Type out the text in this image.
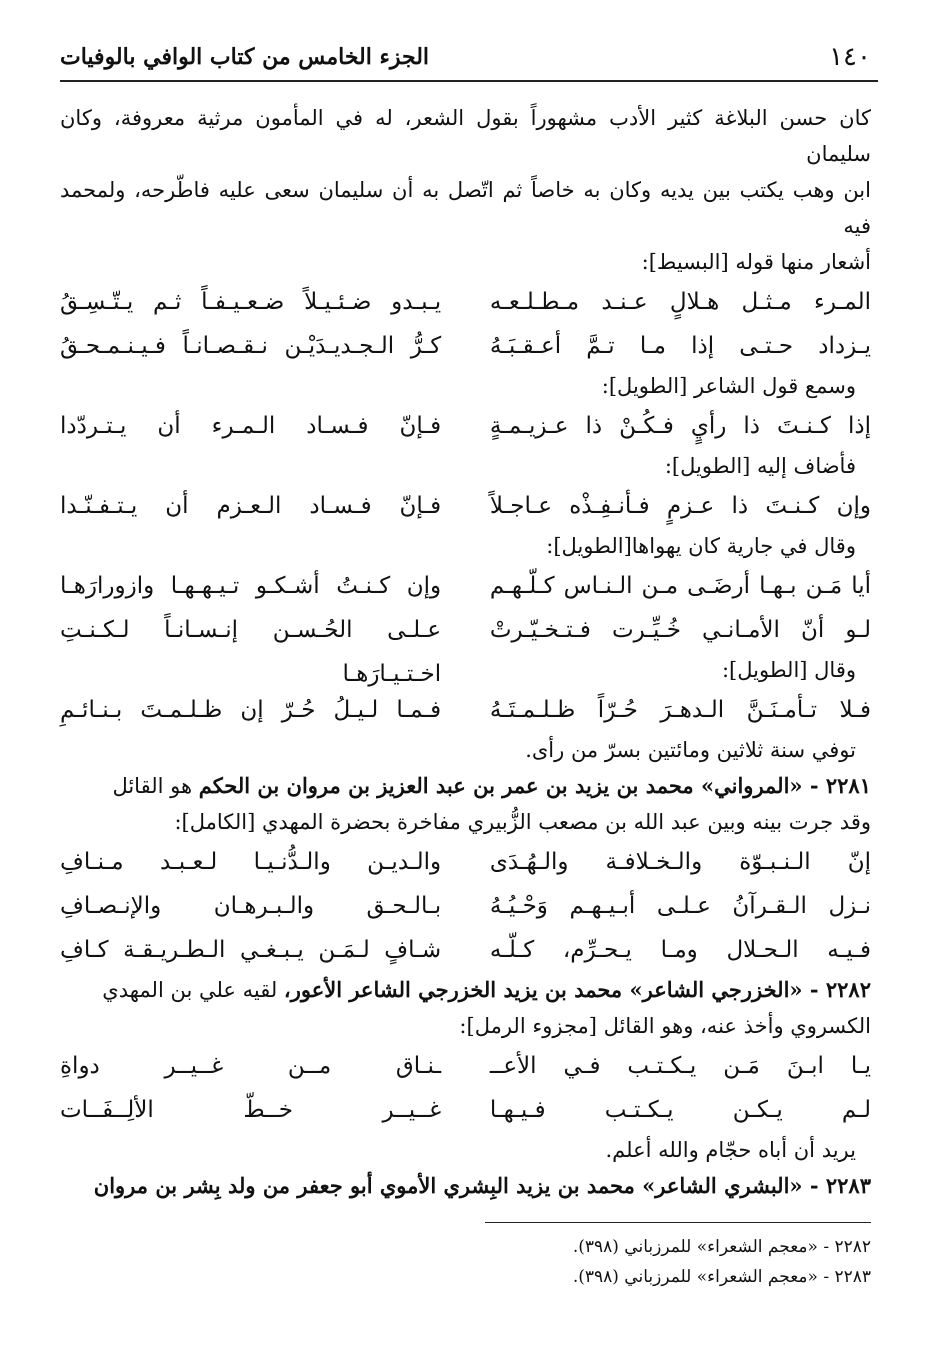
١٤٠
الجزء الخامس من كتاب الوافي بالوفيات

كان حسن البلاغة كثير الأدب مشهوراً بقول الشعر، له في المأمون مرثية معروفة، وكان سليمان

ابن وهب يكتب بين يديه وكان به خاصاً ثم اتّصل به أن سليمان سعى عليه فاطّرحه، ولمحمد فيه

أشعار منها قوله [البسيط]:

المـرء مـثـل هـلالٍ عـنـد مـطـلـعـه
يـبـدو ضـئـيـلاً ضـعـيـفـاً ثـم يـتّـسِـقُ
يـزداد حـتـى إذا مـا تـمَّ أعـقـبَـهُ
كـرُّ الـجـديـدَيْـن نـقـصـانـاً فـيـنـمـحـقُ

وسمع قول الشاعر [الطويل]:

إذا كـنـتَ ذا رأيٍ فـكُـنْ ذا عـزيـمـةٍ
فـإنّ فـسـاد الـمـرء أن يـتـردّدا

فأضاف إليه [الطويل]:

وإن كـنـتَ ذا عـزمٍ فـأنـفِـذْه عـاجـلاً
فـإنّ فـسـاد الـعـزم أن يـتـفـنّـدا

وقال في جارية كان يهواها[الطويل]:

أيا مَـن بـهـا أرضَـى مـن الـنـاس كـلّـهـم
وإن كـنـتُ أشـكـو تـيـهـهـا وازورارَهـا
لـو أنّ الأمـانـي خُـيِّـرت فـتـخـيّـرتْ
عـلـى الحُـسـن إنـسـانـاً لـكـنـتِ اخـتـيـارَهـا	وقال [الطويل]:

فـلا تـأمـنَـنَّ الـدهـرَ حُـرّاً ظـلـمـتَـهُ
فـمـا لـيـلُ حُـرّ إن ظـلـمـتَ بـنـائـمِ

توفي سنة ثلاثين ومائتين بسرّ من رأى.

٢٢٨١ - «المرواني» محمد بن يزيد بن عمر بن عبد العزيز بن مروان بن الحكم هو القائل

وقد جرت بينه وبين عبد الله بن مصعب الزُّبيري مفاخرة بحضرة المهدي [الكامل]:

إنّ الـنـبـوّة والـخـلافـة والـهُـدَى
والـديـن والـدُّنـيـا لـعـبـد مـنـافِ
نـزل الـقـرآنُ عـلـى أبـيـهـم وَحْـيُـهُ
بـالـحـق والـبـرهـان والإنـصـافِ
فـيـه الـحـلال ومـا يـحـرِّم، كـلّـه
شـافٍ لـمَـن يـبـغـي الـطـريـقـة كـافِ

٢٢٨٢ - «الخزرجي الشاعر» محمد بن يزيد الخزرجي الشاعر الأعور، لقيه علي بن المهدي

الكسروي وأخذ عنه، وهو القائل [مجزوء الرمل]:

يـا ابـنَ مَـن يـكـتـب فـي الأعــ
ـنـاق مــن غــيــر دواةِ
لـم يـكـن يـكـتـب فـيـهـا
غــيــر خــطّ الألِــفَــات

يريد أن أباه حجّام والله أعلم.

٢٢٨٣ - «البشري الشاعر» محمد بن يزيد البِشري الأموي أبو جعفر من ولد بِشر بن مروان

٢٢٨٢ - «معجم الشعراء» للمرزباني (٣٩٨).
٢٢٨٣ - «معجم الشعراء» للمرزباني (٣٩٨).
